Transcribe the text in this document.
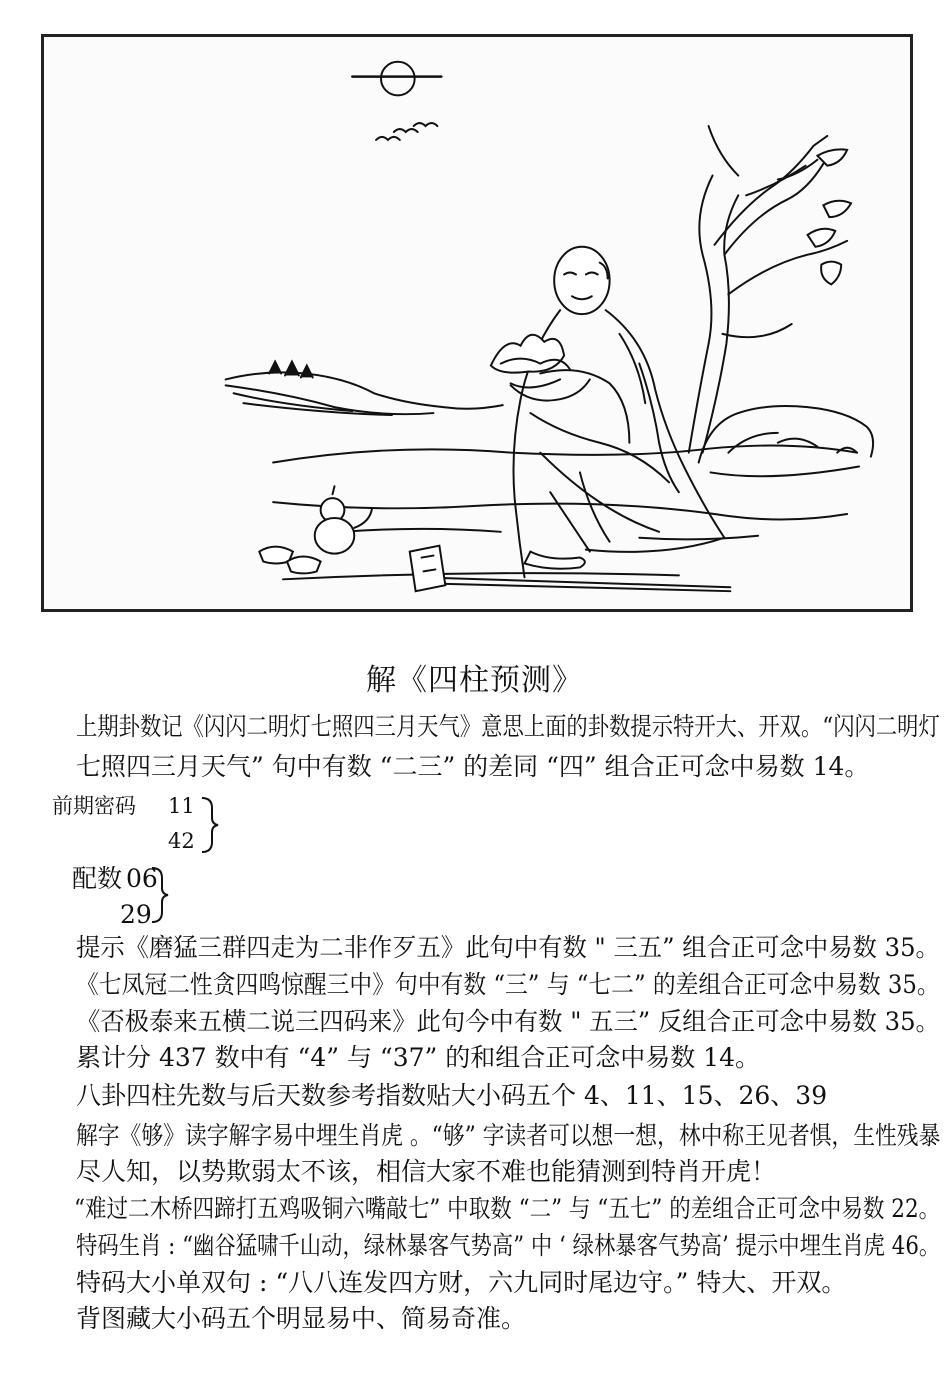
解《四柱预测》
上期卦数记《闪闪二明灯七照四三月天气》意思上面的卦数提示特开大、开双。“闪闪二明灯
七照四三月天气” 句中有数 “二三” 的差同 “四” 组合正可念中易数 14。
前期密码 11
42
配数 06
29
提示《磨猛三群四走为二非作歹五》此句中有数 " 三五” 组合正可念中易数 35。
《七凤冠二性贪四鸣惊醒三中》句中有数 “三” 与 “七二” 的差组合正可念中易数 35。
《否极泰来五横二说三四码来》此句今中有数 " 五三” 反组合正可念中易数 35。
累计分 437 数中有 “4” 与 “37” 的和组合正可念中易数 14。
八卦四柱先数与后天数参考指数贴大小码五个 4、11、15、26、39
解字《够》读字解字易中埋生肖虎 。“够” 字读者可以想一想，林中称王见者惧，生性残暴
尽人知，以势欺弱太不该，相信大家不难也能猜测到特肖开虎！
“难过二木桥四蹄打五鸡吸铜六嘴敲七” 中取数 “二” 与 “五七” 的差组合正可念中易数 22。
特码生肖 : “幽谷猛啸千山动，绿林暴客气势高” 中 ‘ 绿林暴客气势高’ 提示中埋生肖虎 46。
特码大小单双句 : “八八连发四方财，六九同时尾边守。” 特大、开双。
背图藏大小码五个明显易中、简易奇准。
